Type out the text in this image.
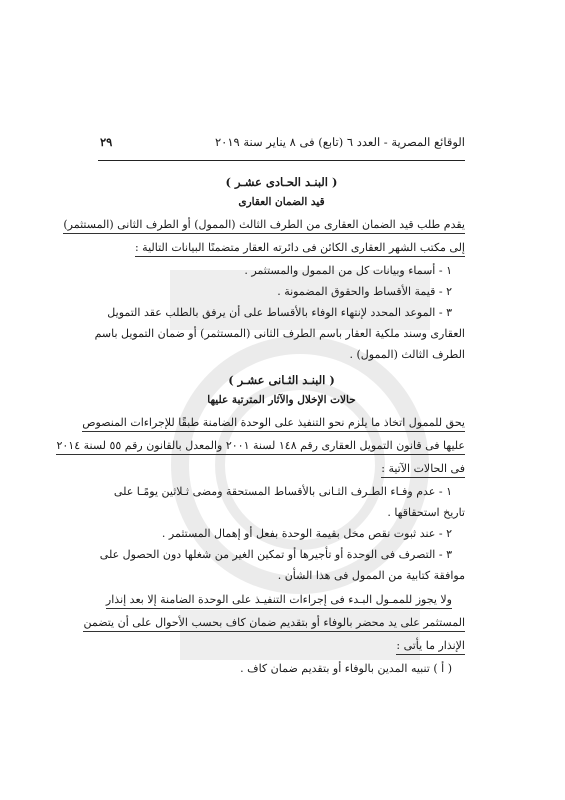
الوقائع المصرية - العدد ٦ (تابع) فى ٨ يناير سنة ٢٠١٩
٢٩
( البنـد الحـادى عشـر )
قيد الضمان العقارى
يقدم طلب قيد الضمان العقارى من الطرف الثالث (الممول) أو الطرف الثانى (المستثمر)
إلى مكتب الشهر العقارى الكائن فى دائرته العقار متضمنًا البيانات التالية :
١ - أسماء وبيانات كل من الممول والمستثمر .
٢ - قيمة الأقساط والحقوق المضمونة .
٣ - الموعد المحدد لإنتهاء الوفاء بالأقساط على أن يرفق بالطلب عقد التمويل
العقارى وسند ملكية العقار باسم الطرف الثانى (المستثمر) أو ضمان التمويل باسم
الطرف الثالث (الممول) .
( البنـد الثـانى عشـر )
حالات الإخلال والآثار المترتبة عليها
يحق للممول اتخاذ ما يلزم نحو التنفيذ على الوحدة الضامنة طبقًا للإجراءات المنصوص
عليها فى قانون التمويل العقارى رقم ١٤٨ لسنة ٢٠٠١ والمعدل بالقانون رقم ٥٥ لسنة ٢٠١٤
فى الحالات الآتية :
١ - عدم وفـاء الطـرف الثـانى بالأقساط المستحقة ومضى ثـلاثين يومًـا على
تاريخ استحقاقها .
٢ - عند ثبوت نقص مخل بقيمة الوحدة بفعل أو إهمال المستثمر .
٣ - التصرف فى الوحدة أو تأجيرها أو تمكين الغير من شغلها دون الحصول على
موافقة كتابية من الممول فى هذا الشأن .
ولا يجوز للممـول البـدء فى إجراءات التنفيـذ على الوحدة الضامنة إلا بعد إنذار
المستثمر على يد محضر بالوفاء أو بتقديم ضمان كاف بحسب الأحوال على أن يتضمن
الإنذار ما يأتى :
( أ ) تنبيه المدين بالوفاء أو بتقديم ضمان كاف .
